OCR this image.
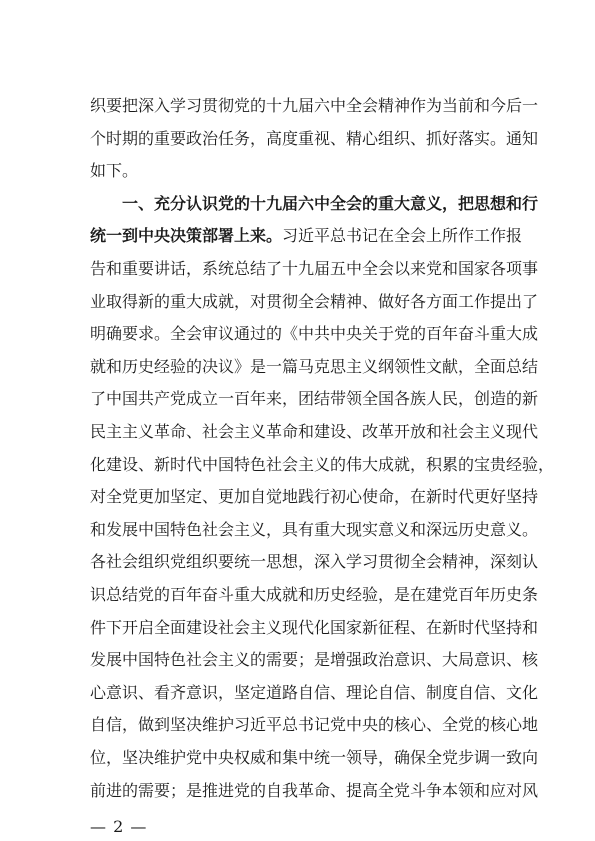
织要把深入学习贯彻党的十九届六中全会精神作为当前和今后一
个时期的重要政治任务，高度重视、精心组织、抓好落实。通知
如下。
一、充分认识党的十九届六中全会的重大意义，把思想和行
统一到中央决策部署上来。习近平总书记在全会上所作工作报
告和重要讲话，系统总结了十九届五中全会以来党和国家各项事
业取得新的重大成就，对贯彻全会精神、做好各方面工作提出了
明确要求。全会审议通过的《中共中央关于党的百年奋斗重大成
就和历史经验的决议》是一篇马克思主义纲领性文献，全面总结
了中国共产党成立一百年来，团结带领全国各族人民，创造的新
民主主义革命、社会主义革命和建设、改革开放和社会主义现代
化建设、新时代中国特色社会主义的伟大成就，积累的宝贵经验，
对全党更加坚定、更加自觉地践行初心使命，在新时代更好坚持
和发展中国特色社会主义，具有重大现实意义和深远历史意义。
各社会组织党组织要统一思想，深入学习贯彻全会精神，深刻认
识总结党的百年奋斗重大成就和历史经验，是在建党百年历史条
件下开启全面建设社会主义现代化国家新征程、在新时代坚持和
发展中国特色社会主义的需要；是增强政治意识、大局意识、核
心意识、看齐意识，坚定道路自信、理论自信、制度自信、文化
自信，做到坚决维护习近平总书记党中央的核心、全党的核心地
位，坚决维护党中央权威和集中统一领导，确保全党步调一致向
前进的需要；是推进党的自我革命、提高全党斗争本领和应对风
— 2 —
